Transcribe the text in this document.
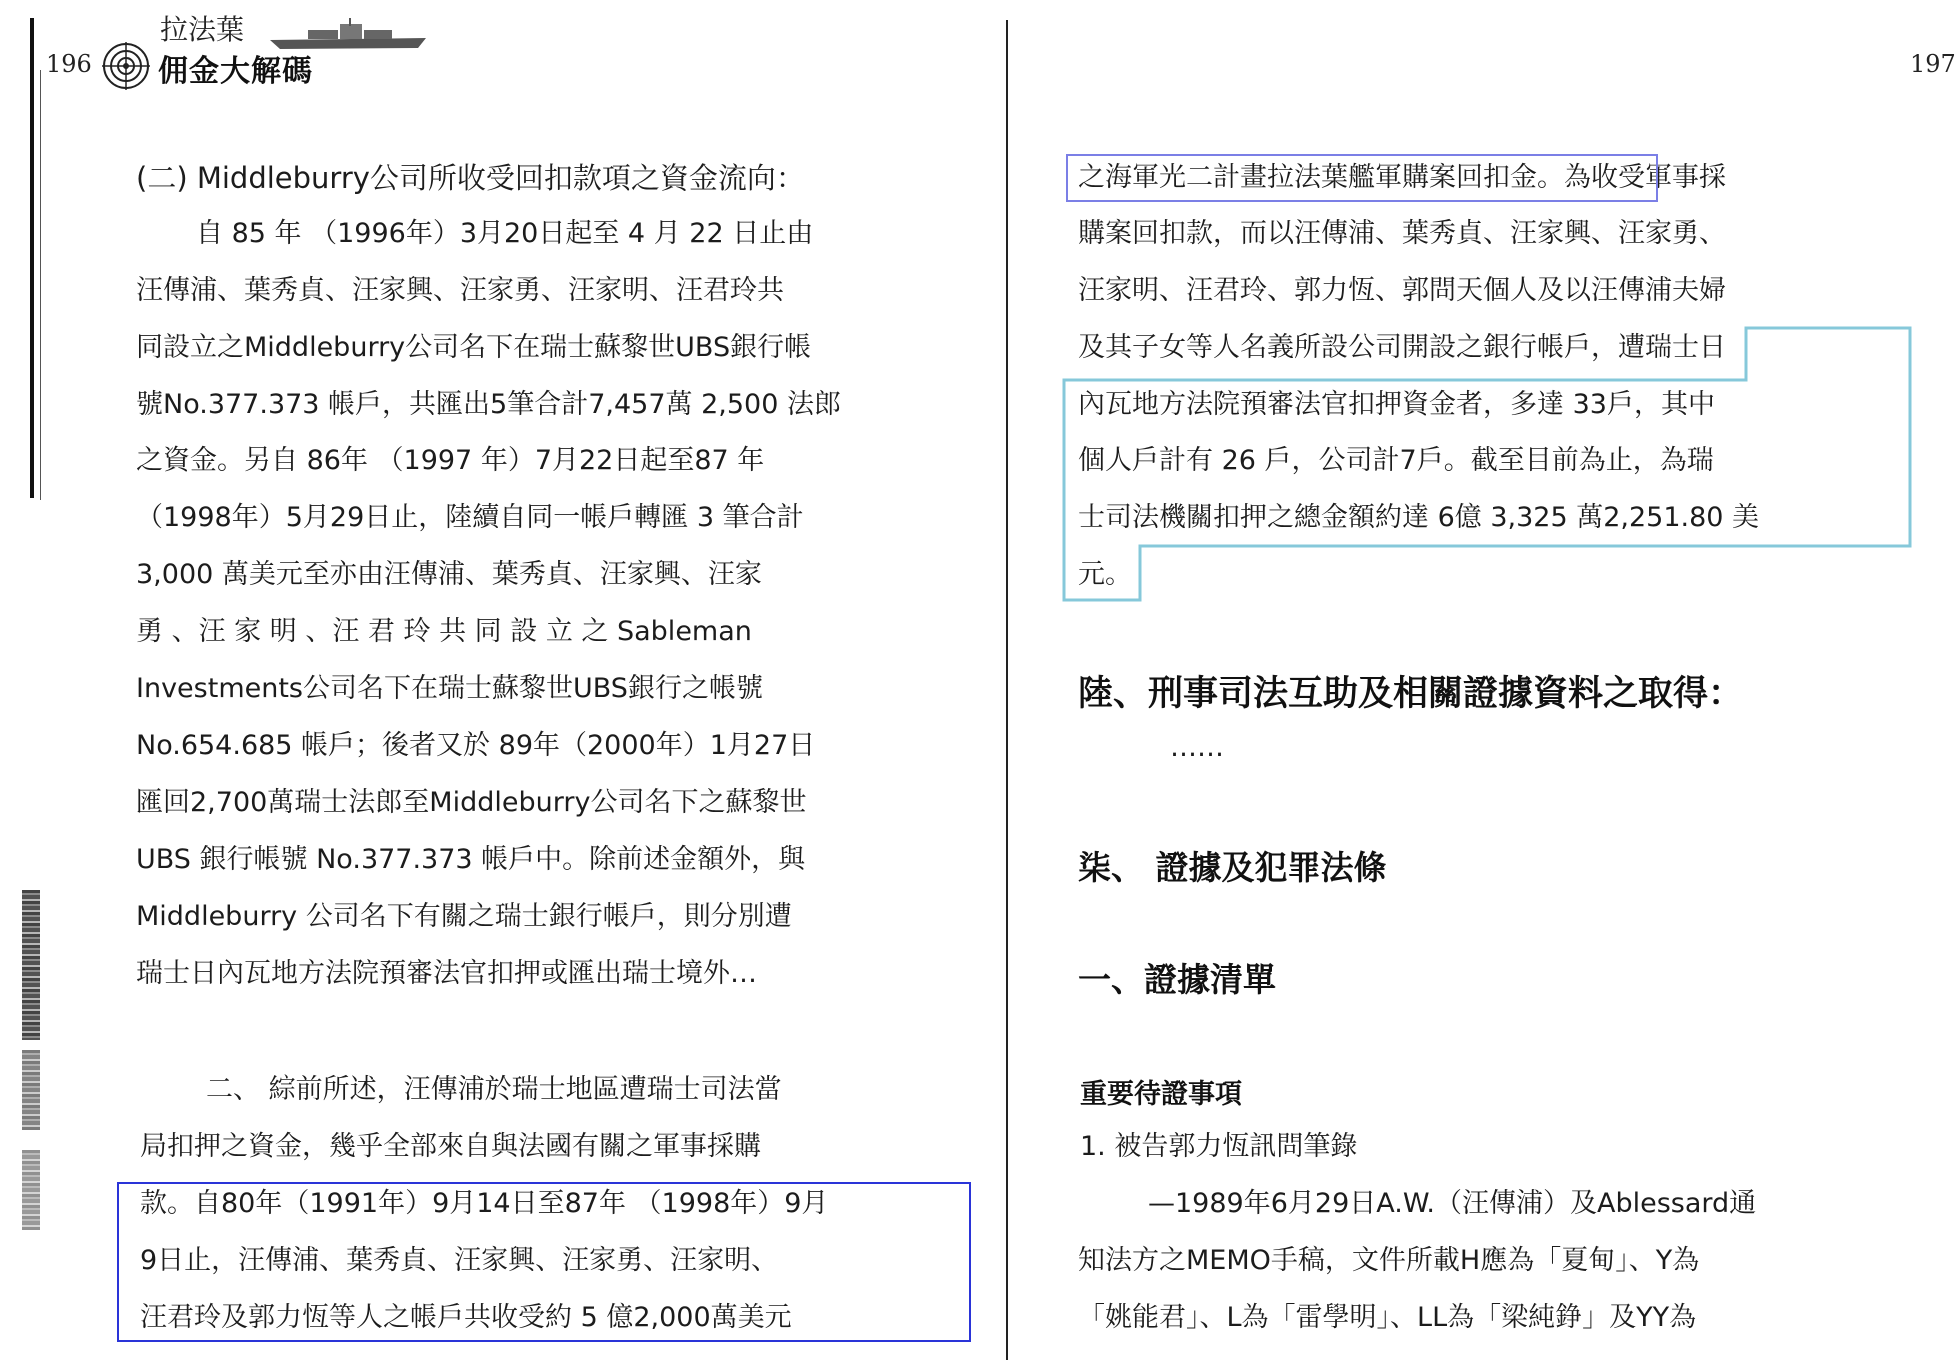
196
拉法葉
佣金大解碼	197
(二) Middleburry公司所收受回扣款項之資金流向：
自 85 年 （1996年）3月20日起至 4 月 22 日止由
汪傳浦、葉秀貞、汪家興、汪家勇、汪家明、汪君玲共
同設立之Middleburry公司名下在瑞士蘇黎世UBS銀行帳
號No.377.373 帳戶，共匯出5筆合計7,457萬 2,500 法郎
之資金。另自 86年 （1997 年）7月22日起至87 年
（1998年）5月29日止，陸續自同一帳戶轉匯 3 筆合計
3,000 萬美元至亦由汪傳浦、葉秀貞、汪家興、汪家
勇 、汪 家 明 、汪 君 玲 共 同 設 立 之 Sableman
Investments公司名下在瑞士蘇黎世UBS銀行之帳號
No.654.685 帳戶；後者又於 89年（2000年）1月27日
匯回2,700萬瑞士法郎至Middleburry公司名下之蘇黎世
UBS 銀行帳號 No.377.373 帳戶中。除前述金額外，與
Middleburry 公司名下有關之瑞士銀行帳戶，則分別遭
瑞士日內瓦地方法院預審法官扣押或匯出瑞士境外…
二、 綜前所述，汪傳浦於瑞士地區遭瑞士司法當
局扣押之資金，幾乎全部來自與法國有關之軍事採購
款。自80年（1991年）9月14日至87年 （1998年）9月
9日止，汪傳浦、葉秀貞、汪家興、汪家勇、汪家明、
汪君玲及郭力恆等人之帳戶共收受約 5 億2,000萬美元
之海軍光二計畫拉法葉艦軍購案回扣金。為收受軍事採
購案回扣款，而以汪傳浦、葉秀貞、汪家興、汪家勇、
汪家明、汪君玲、郭力恆、郭問天個人及以汪傳浦夫婦
及其子女等人名義所設公司開設之銀行帳戶，遭瑞士日
內瓦地方法院預審法官扣押資金者，多達 33戶，其中
個人戶計有 26 戶，公司計7戶。截至目前為止，為瑞
士司法機關扣押之總金額約達 6億 3,325 萬2,251.80 美
元。
陸、刑事司法互助及相關證據資料之取得：
……
柒、 證據及犯罪法條
一、證據清單
重要待證事項
1. 被告郭力恆訊問筆錄
—1989年6月29日A.W.（汪傳浦）及Ablessard通
知法方之MEMO手稿，文件所載H應為「夏甸」、Y為
「姚能君」、L為「雷學明」、LL為「梁純錚」及YY為
